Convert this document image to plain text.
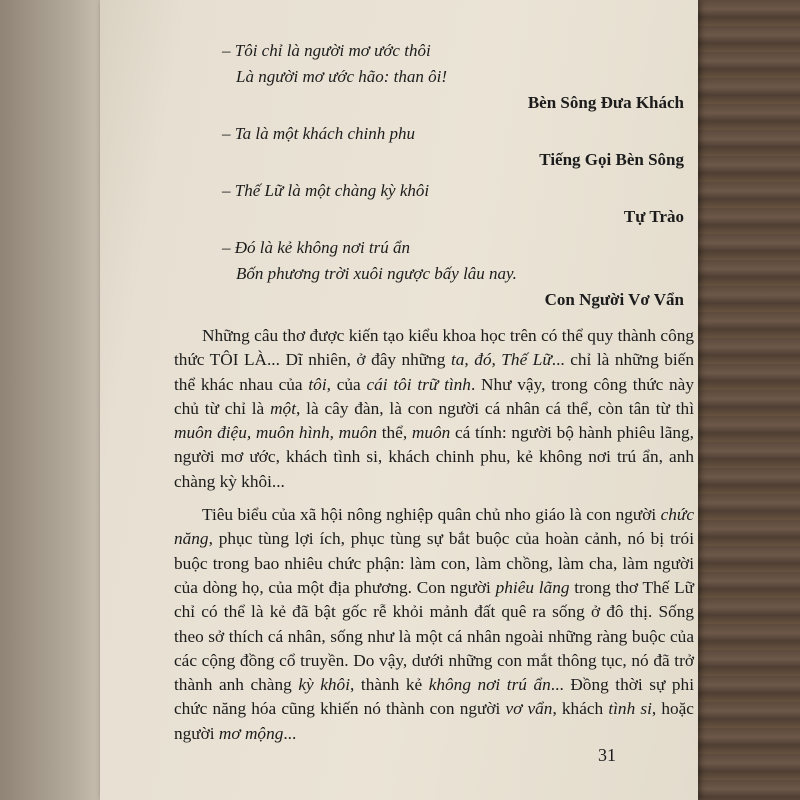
– Tôi chỉ là người mơ ước thôi

Là người mơ ước hão: than ôi!

Bèn Sông Đưa Khách

– Ta là một khách chinh phu

Tiếng Gọi Bèn Sông

– Thế Lữ là một chàng kỳ khôi

Tự Trào

– Đó là kẻ không nơi trú ẩn

Bốn phương trời xuôi ngược bấy lâu nay.

Con Người Vơ Vẩn

Những câu thơ được kiến tạo kiểu khoa học trên có thể quy thành công thức TÔI LÀ... Dĩ nhiên, ở đây những ta, đó, Thế Lữ... chỉ là những biến thể khác nhau của tôi, của cái tôi trữ tình. Như vậy, trong công thức này chủ từ chỉ là một, là cây đàn, là con người cá nhân cá thể, còn tân từ thì muôn điệu, muôn hình, muôn thể, muôn cá tính: người bộ hành phiêu lãng, người mơ ước, khách tình si, khách chinh phu, kẻ không nơi trú ẩn, anh chàng kỳ khôi...

Tiêu biểu của xã hội nông nghiệp quân chủ nho giáo là con người chức năng, phục tùng lợi ích, phục tùng sự bắt buộc của hoàn cảnh, nó bị trói buộc trong bao nhiêu chức phận: làm con, làm chồng, làm cha, làm người của dòng họ, của một địa phương. Con người phiêu lãng trong thơ Thế Lữ chỉ có thể là kẻ đã bật gốc rễ khỏi mảnh đất quê ra sống ở đô thị. Sống theo sở thích cá nhân, sống như là một cá nhân ngoài những ràng buộc của các cộng đồng cổ truyền. Do vậy, dưới những con mắt thông tục, nó đã trở thành anh chàng kỳ khôi, thành kẻ không nơi trú ẩn... Đồng thời sự phi chức năng hóa cũng khiến nó thành con người vơ vẩn, khách tình si, hoặc người mơ mộng...

31
